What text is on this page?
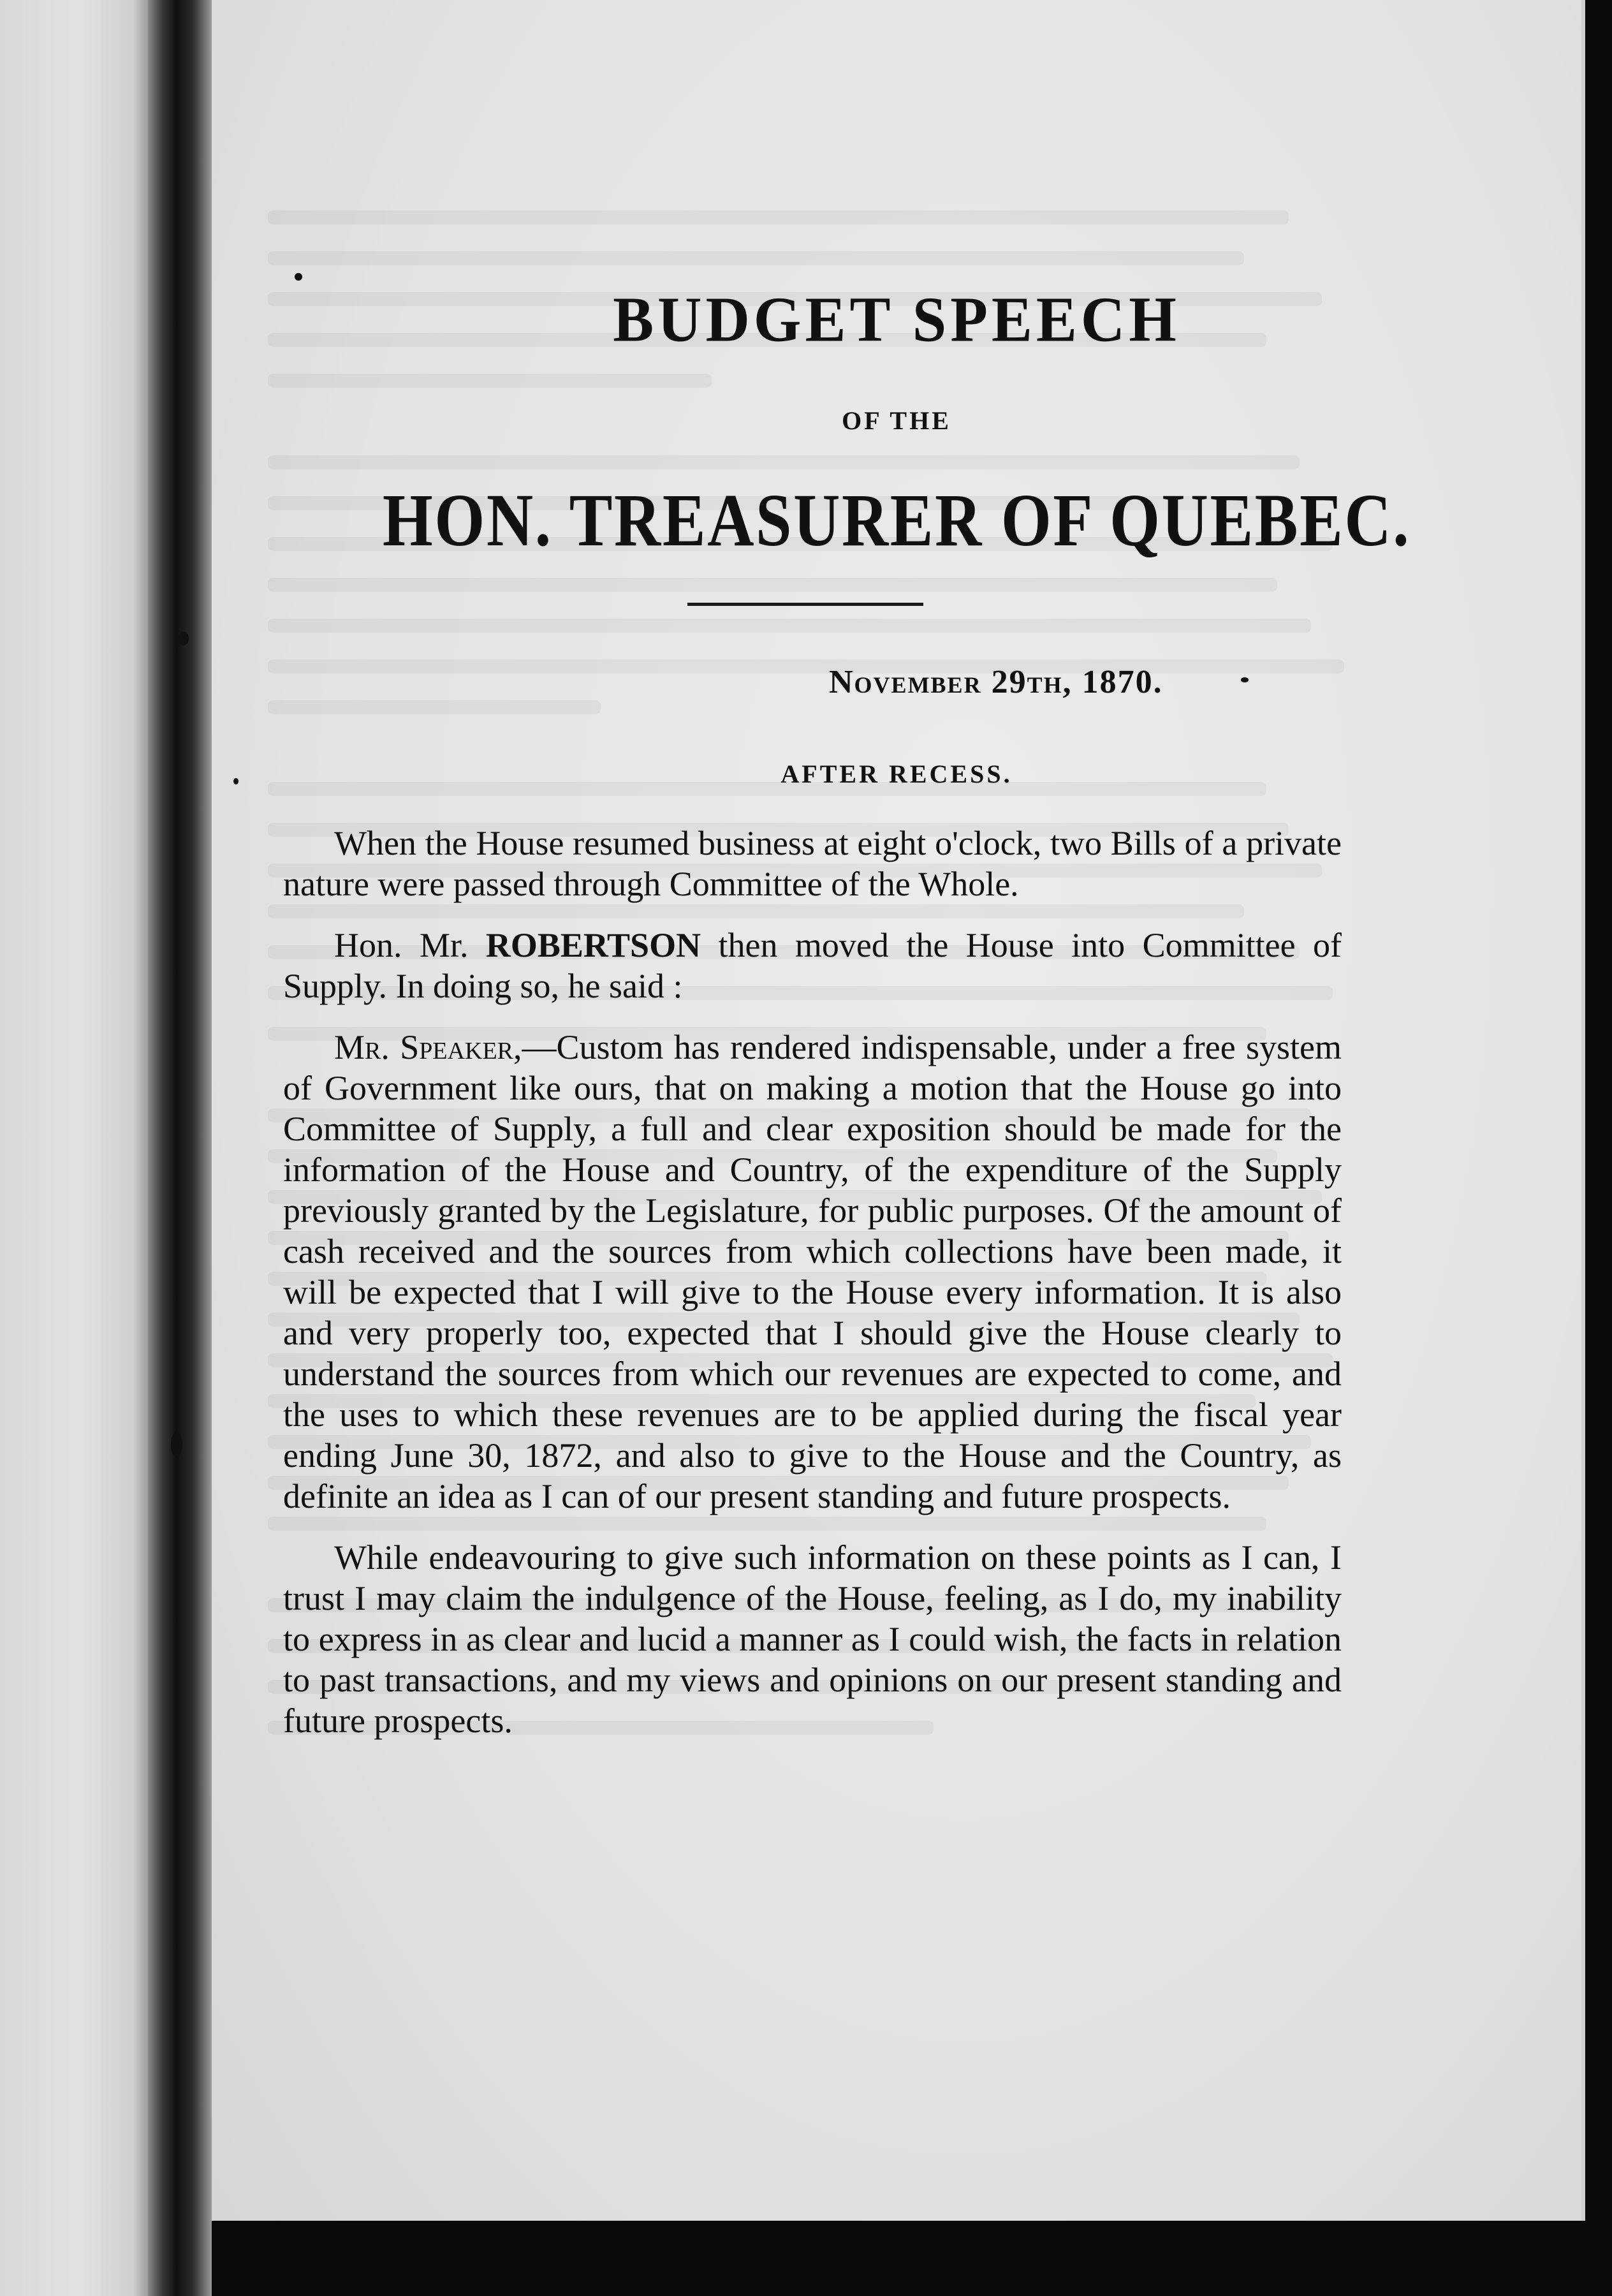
BUDGET SPEECH
OF THE
HON. TREASURER OF QUEBEC.
November 29th, 1870.
AFTER RECESS.

When the House resumed business at eight o'clock, two Bills of a private nature were passed through Committee of the Whole.

Hon. Mr. ROBERTSON then moved the House into Committee of Supply. In doing so, he said :

Mr. Speaker,—Custom has rendered indispensable, under a free system of Government like ours, that on making a motion that the House go into Committee of Supply, a full and clear exposition should be made for the information of the House and Country, of the expenditure of the Supply previously granted by the Legislature, for public purposes. Of the amount of cash received and the sources from which collections have been made, it will be expected that I will give to the House every information. It is also and very properly too, expected that I should give the House clearly to understand the sources from which our revenues are expected to come, and the uses to which these revenues are to be applied during the fiscal year ending June 30, 1872, and also to give to the House and the Country, as definite an idea as I can of our present standing and future prospects.

While endeavouring to give such information on these points as I can, I trust I may claim the indulgence of the House, feeling, as I do, my inability to express in as clear and lucid a manner as I could wish, the facts in relation to past transactions, and my views and opinions on our present standing and future prospects.
